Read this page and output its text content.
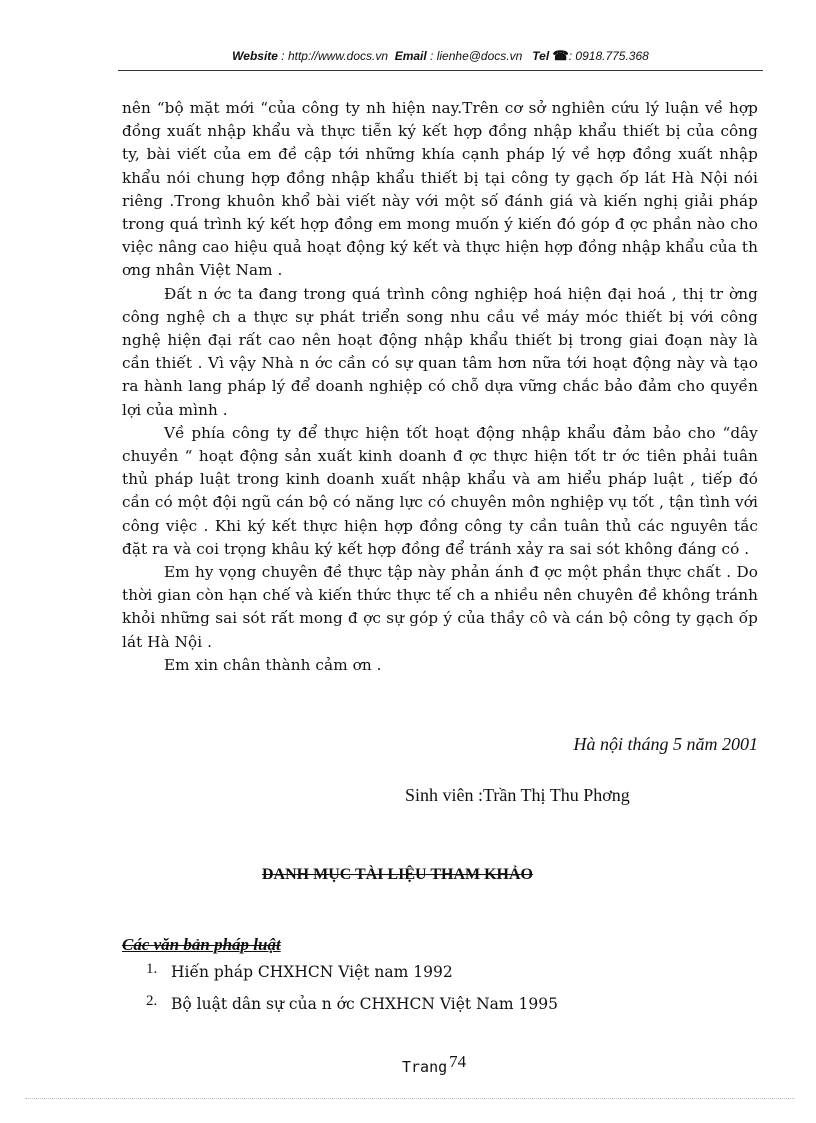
Website : http://www.docs.vn Email : lienhe@docs.vn Tel ☎: 0918.775.368

nên “bộ mặt mới “của công ty nh hiện nay.Trên cơ sở nghiên cứu lý luận về hợp đồng xuất nhập khẩu và thực tiễn ký kết hợp đồng nhập khẩu thiết bị của công ty, bài viết của em đề cập tới những khía cạnh pháp lý về hợp đồng xuất nhập khẩu nói chung hợp đồng nhập khẩu thiết bị tại công ty gạch ốp lát Hà Nội nói riêng .Trong khuôn khổ bài viết này với một số đánh giá và kiến nghị giải pháp trong quá trình ký kết hợp đồng em mong muốn ý kiến đó góp đ ợc phần nào cho việc nâng cao hiệu quả hoạt động ký kết và thực hiện hợp đồng nhập khẩu của th ơng nhân Việt Nam .

Đất n ớc ta đang trong quá trình công nghiệp hoá hiện đại hoá , thị tr ờng công nghệ ch a thực sự phát triển song nhu cầu về máy móc thiết bị với công nghệ hiện đại rất cao nên hoạt động nhập khẩu thiết bị trong giai đoạn này là cần thiết . Vì vậy Nhà n ớc cần có sự quan tâm hơn nữa tới hoạt động này và tạo ra hành lang pháp lý để doanh nghiệp có chỗ dựa vững chắc bảo đảm cho quyền lợi của mình .

Về phía công ty để thực hiện tốt hoạt động nhập khẩu đảm bảo cho “dây chuyền “ hoạt động sản xuất kinh doanh đ ợc thực hiện tốt tr ớc tiên phải tuân thủ pháp luật trong kinh doanh xuất nhập khẩu và am hiểu pháp luật , tiếp đó cần có một đội ngũ cán bộ có năng lực có chuyên môn nghiệp vụ tốt , tận tình với công việc . Khi ký kết thực hiện hợp đồng công ty cần tuân thủ các nguyên tắc đặt ra và coi trọng khâu ký kết hợp đồng để tránh xảy ra sai sót không đáng có .

Em hy vọng chuyên đề thực tập này phản ánh đ ợc một phần thực chất . Do thời gian còn hạn chế và kiến thức thực tế ch a nhiều nên chuyên đề không tránh khỏi những sai sót rất mong đ ợc sự góp ý của thầy cô và cán bộ công ty gạch ốp lát Hà Nội .

Em xin chân thành cảm ơn .

Hà nội tháng 5 năm 2001
Sinh viên :Trần Thị Thu Phơng
DANH MỤC TÀI LIỆU THAM KHẢO
Các văn bản pháp luật
1. Hiến pháp CHXHCN Việt nam 1992
2. Bộ luật dân sự của n ớc CHXHCN Việt Nam 1995
Trang 74
